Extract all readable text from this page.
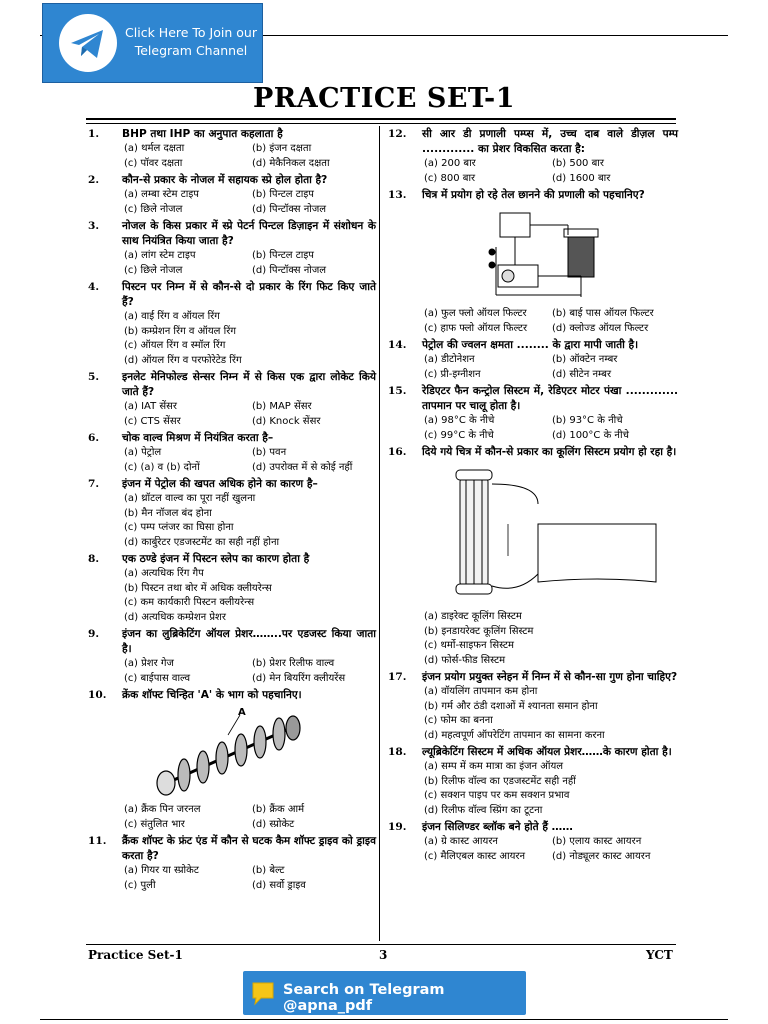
Click Here To Join our
Telegram Channel
PRACTICE SET-1
1.	BHP तथा IHP का अनुपात कहलाता है
(a) थर्मल दक्षता	(b) इंजन दक्षता
(c) पॉवर दक्षता	(d) मेकैनिकल दक्षता
2.	कौन-से प्रकार के नोजल में सहायक स्प्रे होल होता है?
(a) लम्बा स्टेम टाइप	(b) पिन्टल टाइप
(c) छिले नोजल	(d) पिन्टॉक्स नोजल
3.	नोजल के किस प्रकार में स्प्रे पेटर्न पिन्टल डिज़ाइन में संशोधन के साथ नियंत्रित किया जाता है?
(a) लांग स्टेम टाइप	(b) पिन्टल टाइप
(c) छिले नोजल	(d) पिन्टॉक्स नोजल
4.	पिस्टन पर निम्न में से कौन-से दो प्रकार के रिंग फिट किए जाते हैं?
(a) वाई रिंग व ऑयल रिंग
(b) कम्प्रेशन रिंग व ऑयल रिंग
(c) ऑयल रिंग व स्मॉल रिंग
(d) ऑयल रिंग व परफोरेटेड रिंग
5.	इनलेट मेनिफोल्ड सेन्सर निम्न में से किस एक द्वारा लोकेट किये जाते हैं?
(a) IAT सेंसर	(b) MAP सेंसर
(c) CTS सेंसर	(d) Knock सेंसर
6.	चोक वाल्व मिश्रण में नियंत्रित करता है–
(a) पेट्रोल	(b) पवन
(c) (a) व (b) दोनों	(d) उपरोक्त में से कोई नहीं
7.	इंजन में पेट्रोल की खपत अधिक होने का कारण है–
(a) थ्रॉटल वाल्व का पूरा नहीं खुलना
(b) मैन नॉजल बंद होना
(c) पम्प प्लंजर का घिसा होना
(d) कार्बुरेटर एडजस्टमेंट का सही नहीं होना
8.	एक ठण्डे इंजन में पिस्टन स्लेप का कारण होता है
(a) अत्यधिक रिंग गैप
(b) पिस्टन तथा बोर में अधिक क्लीयरेन्स
(c) कम कार्यकारी पिस्टन क्लीयरेन्स
(d) अत्यधिक कम्प्रेशन प्रेशर
9.	इंजन का लुब्रिकेटिंग ऑयल प्रेशर……..पर एडजस्ट किया जाता है।
(a) प्रेशर गेज	(b) प्रेशर रिलीफ वाल्व
(c) बाईपास वाल्व	(d) मेन बियरिंग क्लीयरेंस
10.	क्रेंक शॉफ्ट चिन्हित 'A' के भाग को पहचानिए।
A
(a) क्रैंक पिन जरनल	(b) क्रैंक आर्म
(c) संतुलित भार	(d) स्प्रोकेट
11.	क्रैंक शॉफ्ट के फ्रंट एंड में कौन से घटक कैम शॉफ्ट ड्राइव को ड्राइव करता है?
(a) गियर या स्प्रोकेट	(b) बेल्ट
(c) पुली	(d) सर्वो ड्राइव
12.	सी आर डी प्रणाली पम्प्स में, उच्च दाब वाले डीज़ल पम्प ............. का प्रेशर विकसित करता है:
(a) 200 बार	(b) 500 बार
(c) 800 बार	(d) 1600 बार
13.	चित्र में प्रयोग हो रहे तेल छानने की प्रणाली को पहचानिए?
(a) फुल फ्लो ऑयल फिल्टर	(b) बाई पास ऑयल फिल्टर
(c) हाफ फ्लो ऑयल फिल्टर	(d) क्लोज्ड ऑयल फिल्टर
14.	पेट्रोल की ज्वलन क्षमता ........ के द्वारा मापी जाती है।
(a) डीटोनेशन	(b) ऑक्टेन नम्बर
(c) प्री-इग्नीशन	(d) सीटेन नम्बर
15.	रेडिएटर फैन कन्ट्रोल सिस्टम में, रेडिएटर मोटर पंखा ............. तापमान पर चालू होता है।
(a) 98°C के नीचे	(b) 93°C के नीचे
(c) 99°C के नीचे	(d) 100°C के नीचे
16.	दिये गये चित्र में कौन-से प्रकार का कूलिंग सिस्टम प्रयोग हो रहा है।
(a) डाइरेक्ट कूलिंग सिस्टम
(b) इनडायरेक्ट कूलिंग सिस्टम
(c) थर्मो-साइफन सिस्टम
(d) फोर्स-फीड सिस्टम
17.	इंजन प्रयोग प्रयुक्त स्नेहन में निम्न में से कौन-सा गुण होना चाहिए?
(a) वॉयलिंग तापमान कम होना
(b) गर्म और ठंडी दशाओं में श्यानता समान होना
(c) फोम का बनना
(d) महत्वपूर्ण ऑपरेटिंग तापमान का सामना करना
18.	ल्यूब्रिकेटिंग सिस्टम में अधिक ऑयल प्रेशर……के कारण होता है।
(a) सम्प में कम मात्रा का इंजन ऑयल
(b) रिलीफ वॉल्व का एडजस्टमेंट सही नहीं
(c) सक्शन पाइप पर कम सक्शन प्रभाव
(d) रिलीफ वॉल्व स्प्रिंग का टूटना
19.	इंजन सिलिण्डर ब्लॉक बने होते हैं ……
(a) ग्रे कास्ट आयरन	(b) एलाय कास्ट आयरन
(c) मैलिएबल कास्ट आयरन	(d) नोड्यूलर कास्ट आयरन
Practice Set-1	3	YCT
Search on Telegram @apna_pdf
